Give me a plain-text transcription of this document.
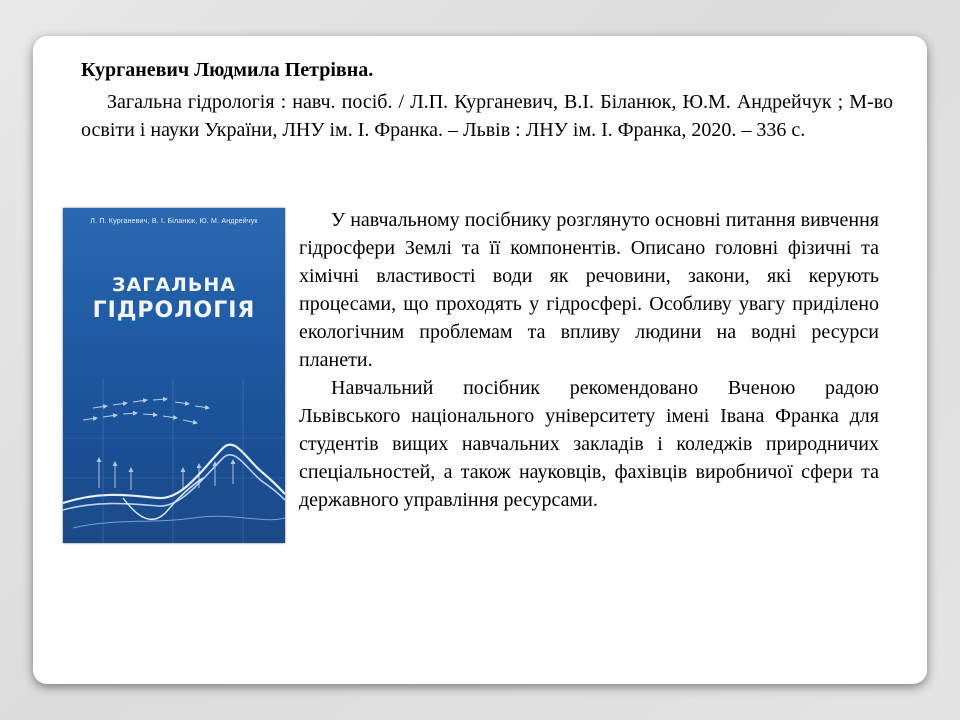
Курганевич Людмила Петрівна.

Загальна гідрологія : навч. посіб. / Л.П. Курганевич, В.І. Біланюк, Ю.М. Андрейчук ; М-во освіти і науки України, ЛНУ ім. І. Франка. – Львів : ЛНУ ім. І. Франка, 2020. – 336 с.

Л. П. Курганевич, В. І. Біланюк, Ю. М. Андрейчук
ЗАГАЛЬНА
ГІДРОЛОГІЯ

У навчальному посібнику розглянуто основні питання вивчення гідросфери Землі та її компонентів. Описано головні фізичні та хімічні властивості води як речовини, закони, які керують процесами, що проходять у гідросфері. Особливу увагу приділено екологічним проблемам та впливу людини на водні ресурси планети.

Навчальний посібник рекомендовано Вченою радою Львівського національного університету імені Івана Франка для студентів вищих навчальних закладів і коледжів природничих спеціальностей, а також науковців, фахівців виробничої сфери та державного управління ресурсами.
